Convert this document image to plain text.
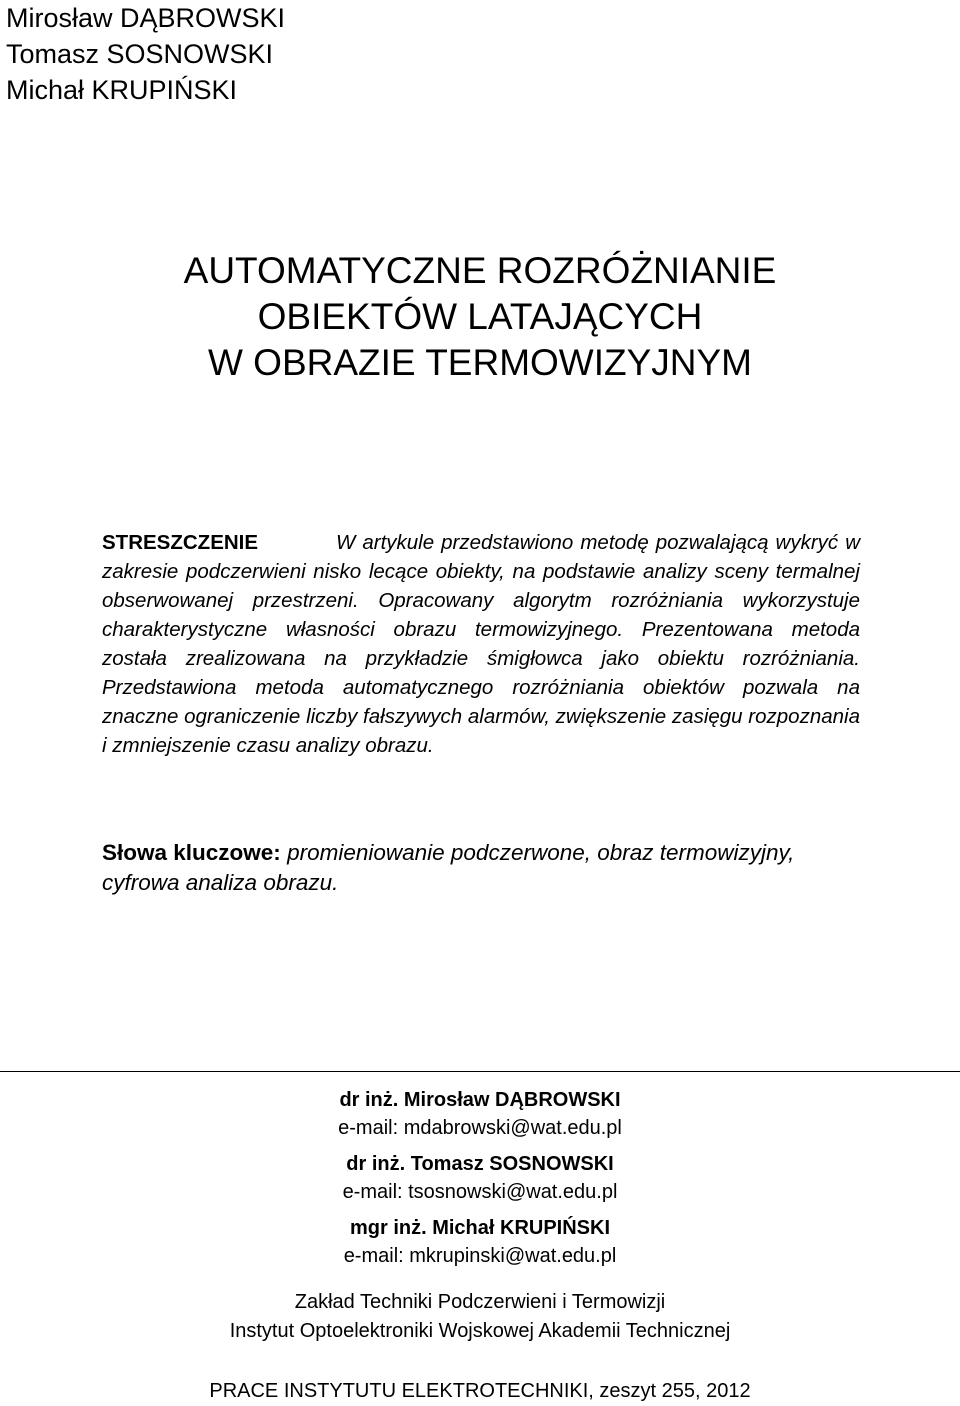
Mirosław DĄBROWSKI
Tomasz SOSNOWSKI
Michał KRUPIŃSKI
AUTOMATYCZNE ROZRÓŻNIANIE
OBIEKTÓW LATAJĄCYCH
W OBRAZIE TERMOWIZYJNYM
STRESZCZENIE	W artykule przedstawiono metodę pozwalającą wykryć w zakresie podczerwieni nisko lecące obiekty, na podstawie analizy sceny termalnej obserwowanej przestrzeni. Opracowany algorytm rozróżniania wykorzystuje charakterystyczne własności obrazu termowizyjnego. Prezentowana metoda została zrealizowana na przykładzie śmigłowca jako obiektu rozróżniania. Przedstawiona metoda automatycznego rozróżniania obiektów pozwala na znaczne ograniczenie liczby fałszywych alarmów, zwiększenie zasięgu rozpoznania i zmniejszenie czasu analizy obrazu.
Słowa kluczowe: promieniowanie podczerwone, obraz termowizyjny, cyfrowa analiza obrazu.
dr inż. Mirosław DĄBROWSKI
e-mail: mdabrowski@wat.edu.pl
dr inż. Tomasz SOSNOWSKI
e-mail: tsosnowski@wat.edu.pl
mgr inż. Michał KRUPIŃSKI
e-mail: mkrupinski@wat.edu.pl
Zakład Techniki Podczerwieni i Termowizji
Instytut Optoelektroniki Wojskowej Akademii Technicznej
PRACE INSTYTUTU ELEKTROTECHNIKI, zeszyt 255, 2012
